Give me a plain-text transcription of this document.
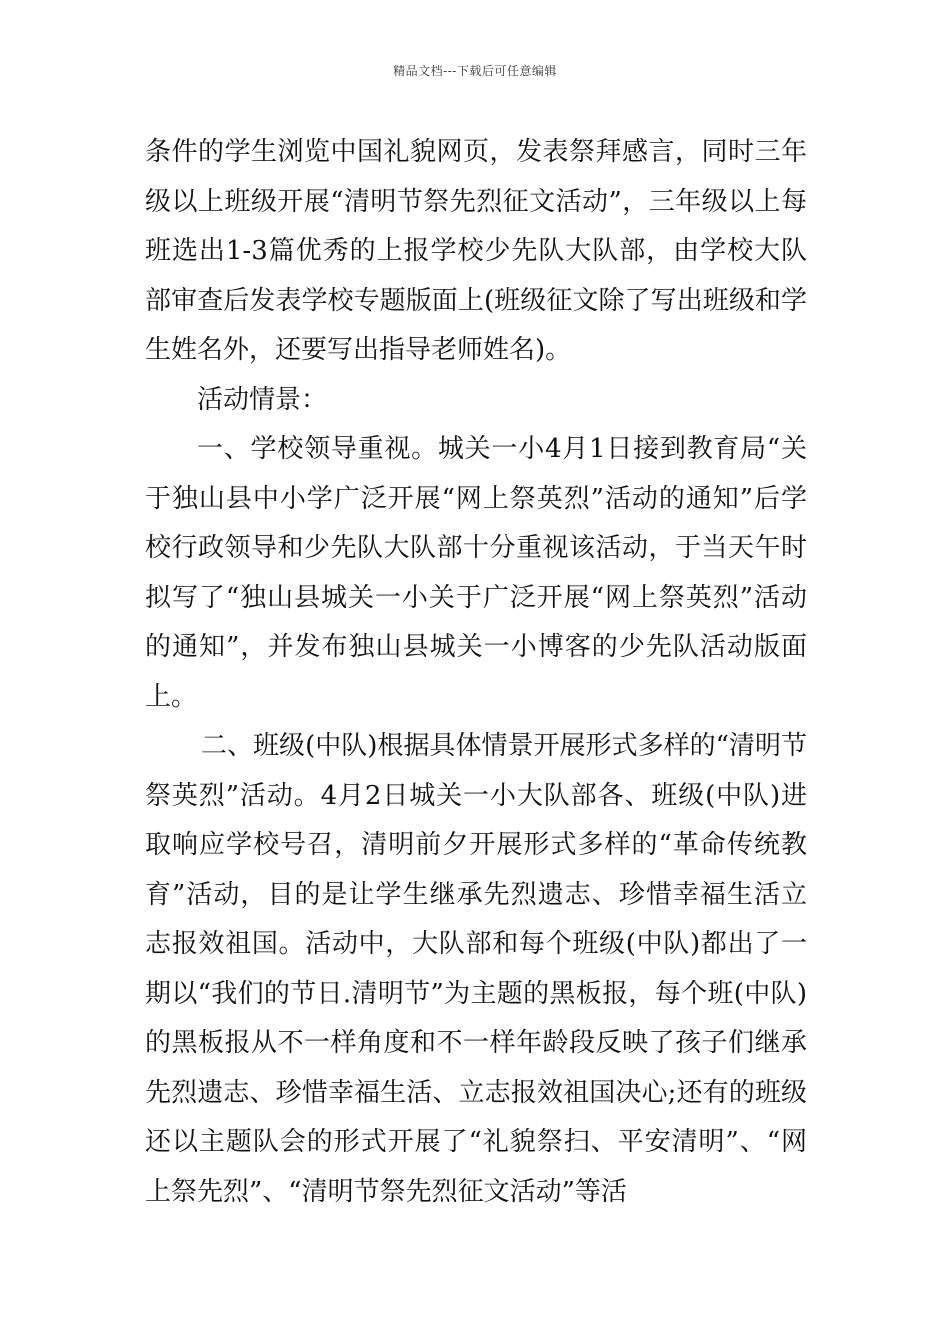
精品文档---下载后可任意编辑

条件的学生浏览中国礼貌网页，发表祭拜感言，同时三年级以上班级开展“清明节祭先烈征文活动”，三年级以上每班选出1-3篇优秀的上报学校少先队大队部，由学校大队部审查后发表学校专题版面上(班级征文除了写出班级和学生姓名外，还要写出指导老师姓名)。

活动情景：

一、学校领导重视。城关一小4月1日接到教育局“关于独山县中小学广泛开展“网上祭英烈”活动的通知”后学校行政领导和少先队大队部十分重视该活动，于当天午时拟写了“独山县城关一小关于广泛开展“网上祭英烈”活动的通知”，并发布独山县城关一小博客的少先队活动版面上。

二、班级(中队)根据具体情景开展形式多样的“清明节祭英烈”活动。4月2日城关一小大队部各、班级(中队)进取响应学校号召，清明前夕开展形式多样的“革命传统教育”活动，目的是让学生继承先烈遗志、珍惜幸福生活立志报效祖国。活动中，大队部和每个班级(中队)都出了一期以“我们的节日.清明节”为主题的黑板报，每个班(中队)的黑板报从不一样角度和不一样年龄段反映了孩子们继承先烈遗志、珍惜幸福生活、立志报效祖国决心;还有的班级还以主题队会的形式开展了“礼貌祭扫、平安清明”、“网上祭先烈”、“清明节祭先烈征文活动”等活
